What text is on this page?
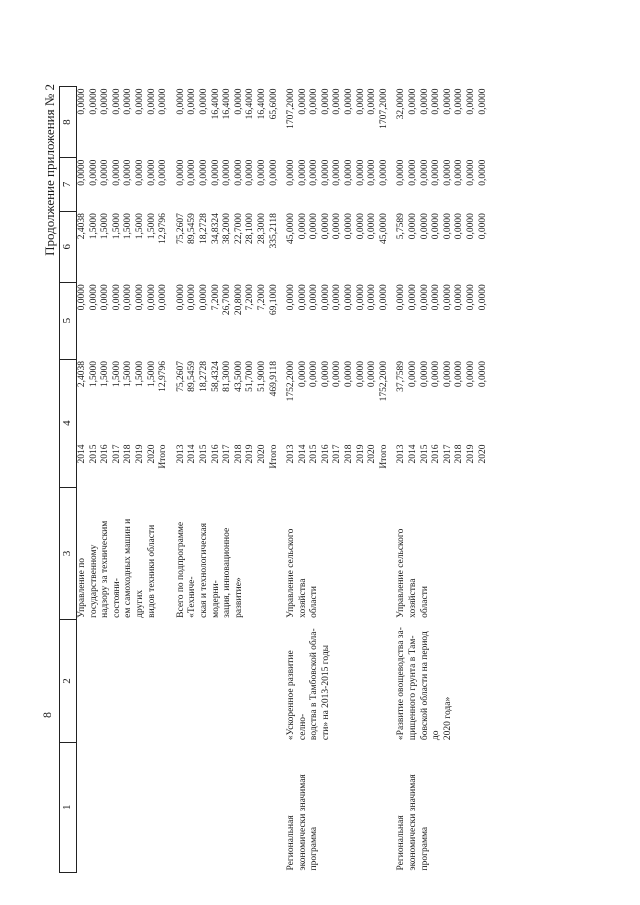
8
Продолжение приложения № 2
1	2	3	4		5	6	7	8

		Управление по государственному надзору за техническим состояни- ем самоходных машин и других видов техники области	2014	2,4038	0,0000	2,4038	0,0000	0,0000
			2015	1,5000	0,0000	1,5000	0,0000	0,0000
			2016	1,5000	0,0000	1,5000	0,0000	0,0000
			2017	1,5000	0,0000	1,5000	0,0000	0,0000
			2018	1,5000	0,0000	1,5000	0,0000	0,0000
			2019	1,5000	0,0000	1,5000	0,0000	0,0000
			2020	1,5000	0,0000	1,5000	0,0000	0,0000
			Итого	12,9796	0,0000	12,9796	0,0000	0,0000

		Всего по подпрограмме «Техниче- ская и технологическая модерни- зация, инновационное развитие»	2013	75,2607	0,0000	75,2607	0,0000	0,0000
			2014	89,5459	0,0000	89,5459	0,0000	0,0000
			2015	18,2728	0,0000	18,2728	0,0000	0,0000
			2016	58,4324	7,2000	34,8324	0,0000	16,4000
			2017	81,3000	26,7000	38,2000	0,0000	16,4000
			2018	43,5000	20,8000	22,7000	0,0000	0,0000
			2019	51,7000	7,2000	28,1000	0,0000	16,4000
			2020	51,9000	7,2000	28,3000	0,0000	16,4000
			Итого	469,9118	69,1000	335,2118	0,0000	65,6000

Региональная экономически значимая программа	«Ускоренное развитие селно- водства в Тамбовской обла- сти» на 2013-2015 годы	Управление сельского хозяйства области	2013	1752,2000	0,0000	45,0000	0,0000	1707,2000
			2014	0,0000	0,0000	0,0000	0,0000	0,0000
			2015	0,0000	0,0000	0,0000	0,0000	0,0000
			2016	0,0000	0,0000	0,0000	0,0000	0,0000
			2017	0,0000	0,0000	0,0000	0,0000	0,0000
			2018	0,0000	0,0000	0,0000	0,0000	0,0000
			2019	0,0000	0,0000	0,0000	0,0000	0,0000
			2020	0,0000	0,0000	0,0000	0,0000	0,0000
			Итого	1752,2000	0,0000	45,0000	0,0000	1707,2000

Региональная экономически значимая программа	«Развитие овощеводства за- щищенного грунта в Там- бовской области на период до 2020 года»	Управление сельского хозяйства области	2013	37,7589	0,0000	5,7589	0,0000	32,0000
			2014	0,0000	0,0000	0,0000	0,0000	0,0000
			2015	0,0000	0,0000	0,0000	0,0000	0,0000
			2016	0,0000	0,0000	0,0000	0,0000	0,0000
			2017	0,0000	0,0000	0,0000	0,0000	0,0000
			2018	0,0000	0,0000	0,0000	0,0000	0,0000
			2019	0,0000	0,0000	0,0000	0,0000	0,0000
			2020	0,0000	0,0000	0,0000	0,0000	0,0000
